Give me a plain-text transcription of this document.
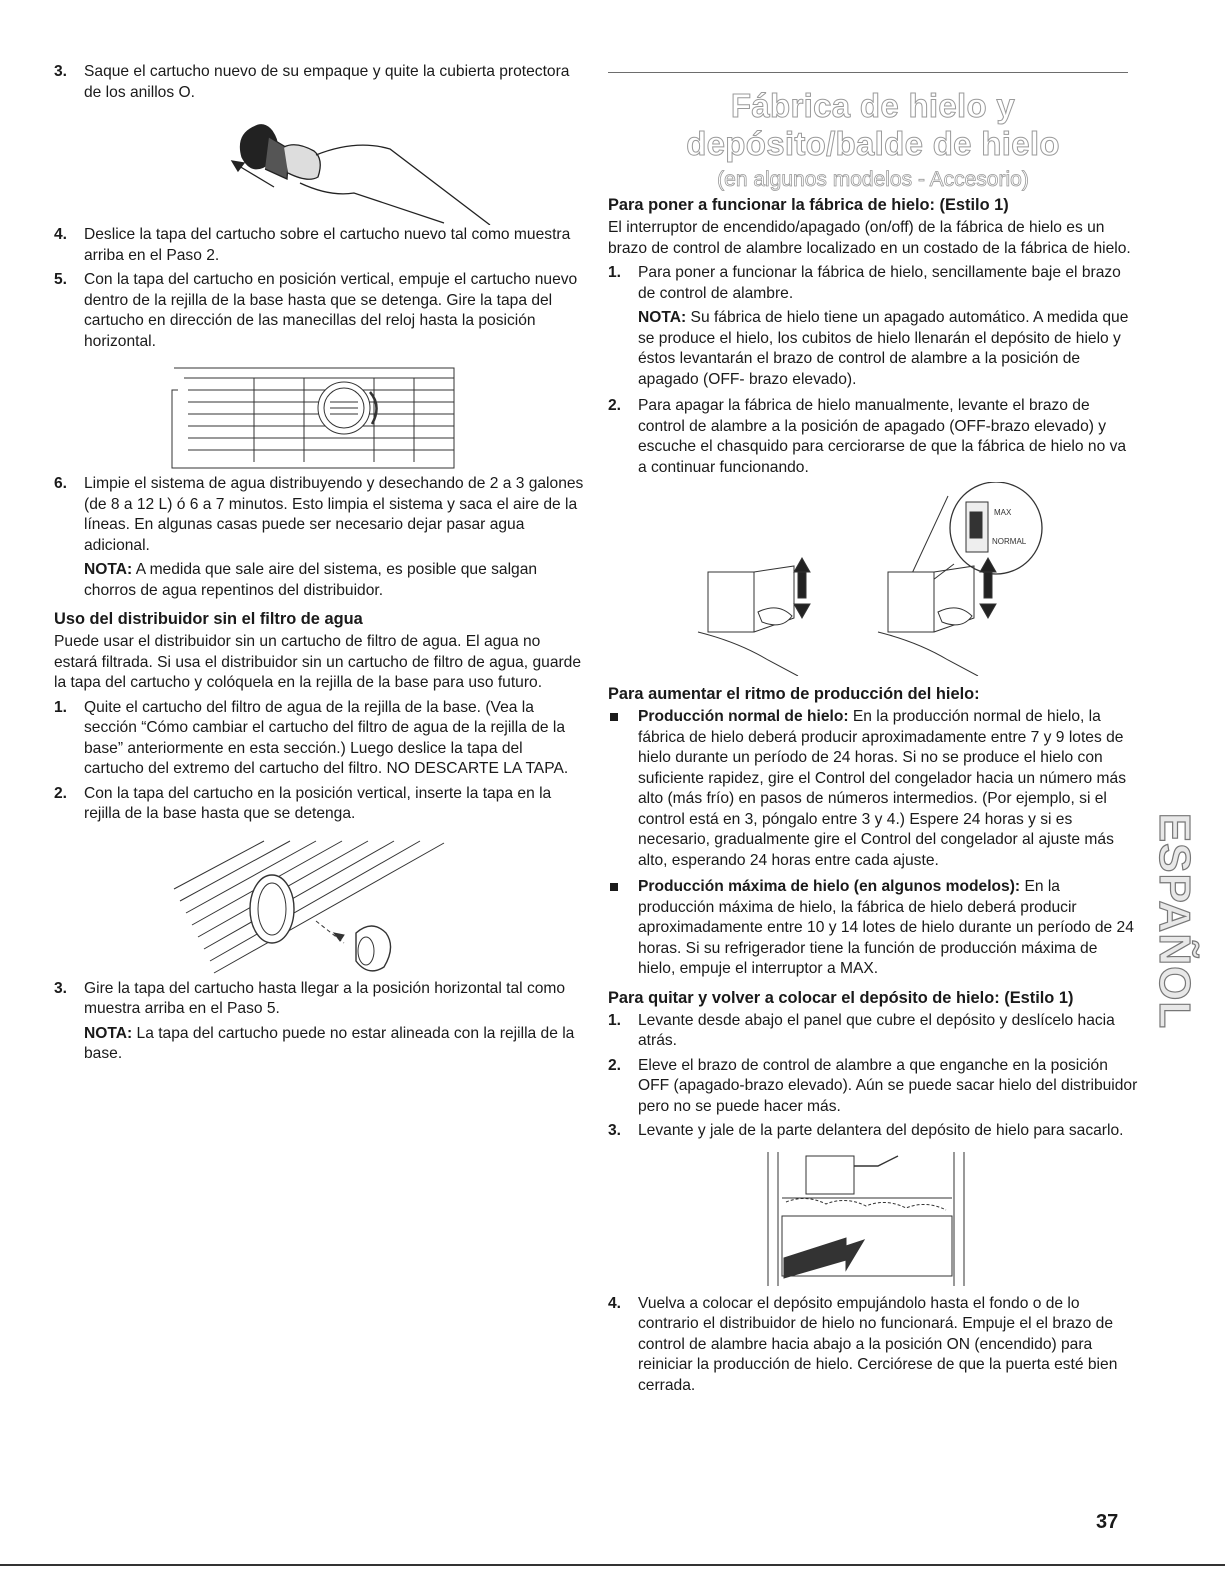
3. Saque el cartucho nuevo de su empaque y quite la cubierta protectora de los anillos O.
4. Deslice la tapa del cartucho sobre el cartucho nuevo tal como muestra arriba en el Paso 2.
5. Con la tapa del cartucho en posición vertical, empuje el cartucho nuevo dentro de la rejilla de la base hasta que se detenga. Gire la tapa del cartucho en dirección de las manecillas del reloj hasta la posición horizontal.
6. Limpie el sistema de agua distribuyendo y desechando de 2 a 3 galones (de 8 a 12 L) ó 6 a 7 minutos. Esto limpia el sistema y saca el aire de la líneas. En algunas casas puede ser necesario dejar pasar agua adicional.
NOTA: A medida que sale aire del sistema, es posible que salgan chorros de agua repentinos del distribuidor.
Uso del distribuidor sin el filtro de agua

Puede usar el distribuidor sin un cartucho de filtro de agua. El agua no estará filtrada. Si usa el distribuidor sin un cartucho de filtro de agua, guarde la tapa del cartucho y colóquela en la rejilla de la base para uso futuro.

1. Quite el cartucho del filtro de agua de la rejilla de la base. (Vea la sección “Cómo cambiar el cartucho del filtro de agua de la rejilla de la base” anteriormente en esta sección.) Luego deslice la tapa del cartucho del extremo del cartucho del filtro. NO DESCARTE LA TAPA.
2. Con la tapa del cartucho en la posición vertical, inserte la tapa en la rejilla de la base hasta que se detenga.
3. Gire la tapa del cartucho hasta llegar a la posición horizontal tal como muestra arriba en el Paso 5.
NOTA: La tapa del cartucho puede no estar alineada con la rejilla de la base.
Fábrica de hielo y depósito/balde de hielo
(en algunos modelos - Accesorio)
Para poner a funcionar la fábrica de hielo: (Estilo 1)

El interruptor de encendido/apagado (on/off) de la fábrica de hielo es un brazo de control de alambre localizado en un costado de la fábrica de hielo.

1. Para poner a funcionar la fábrica de hielo, sencillamente baje el brazo de control de alambre.
NOTA: Su fábrica de hielo tiene un apagado automático. A medida que se produce el hielo, los cubitos de hielo llenarán el depósito de hielo y éstos levantarán el brazo de control de alambre a la posición de apagado (OFF- brazo elevado).
2. Para apagar la fábrica de hielo manualmente, levante el brazo de control de alambre a la posición de apagado (OFF-brazo elevado) y escuche el chasquido para cerciorarse de que la fábrica de hielo no va a continuar funcionando.
MAX
NORMAL
Para aumentar el ritmo de producción del hielo:
Producción normal de hielo: En la producción normal de hielo, la fábrica de hielo deberá producir aproximadamente entre 7 y 9 lotes de hielo durante un período de 24 horas. Si no se produce el hielo con suficiente rapidez, gire el Control del congelador hacia un número más alto (más frío) en pasos de números intermedios. (Por ejemplo, si el control está en 3, póngalo entre 3 y 4.) Espere 24 horas y si es necesario, gradualmente gire el Control del congelador al ajuste más alto, esperando 24 horas entre cada ajuste.
Producción máxima de hielo (en algunos modelos): En la producción máxima de hielo, la fábrica de hielo deberá producir aproximadamente entre 10 y 14 lotes de hielo durante un período de 24 horas. Si su refrigerador tiene la función de producción máxima de hielo, empuje el interruptor a MAX.
Para quitar y volver a colocar el depósito de hielo: (Estilo 1)
1. Levante desde abajo el panel que cubre el depósito y deslícelo hacia atrás.
2. Eleve el brazo de control de alambre a que enganche en la posición OFF (apagado-brazo elevado). Aún se puede sacar hielo del distribuidor pero no se puede hacer más.
3. Levante y jale de la parte delantera del depósito de hielo para sacarlo.
4. Vuelva a colocar el depósito empujándolo hasta el fondo o de lo contrario el distribuidor de hielo no funcionará. Empuje el el brazo de control de alambre hacia abajo a la posición ON (encendido) para reiniciar la producción de hielo. Cerciórese de que la puerta esté bien cerrada.
ESPAÑOL
37
